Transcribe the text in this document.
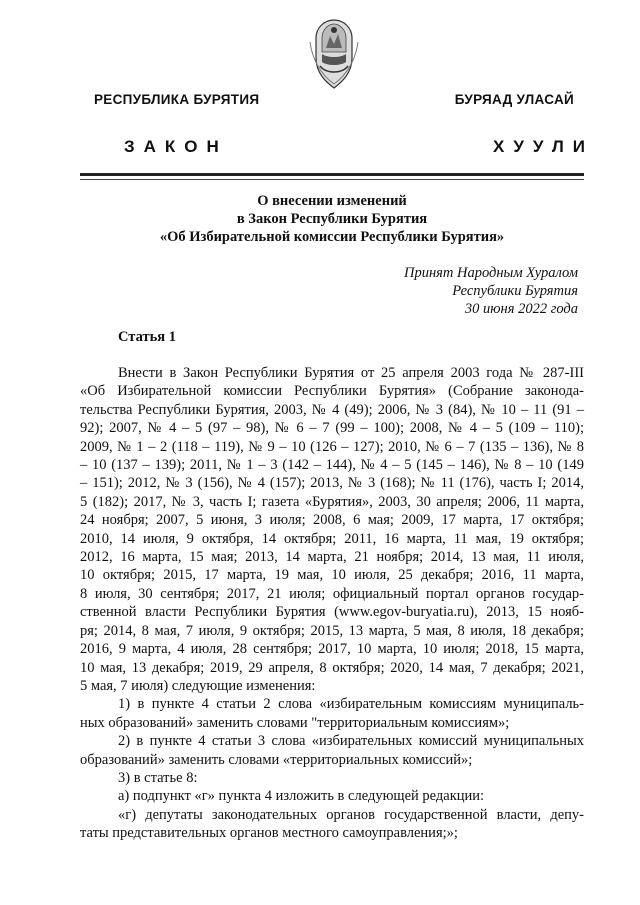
РЕСПУБЛИКА БУРЯТИЯ	БУРЯАД УЛАСАЙ
ЗАКОН	ХУУЛИ
О внесении изменений
в Закон Республики Бурятия
«Об Избирательной комиссии Республики Бурятия»
Принят Народным Хуралом
Республики Бурятия
30 июня 2022 года
Статья 1
Внести в Закон Республики Бурятия от 25 апреля 2003 года № 287-III
«Об Избирательной комиссии Республики Бурятия» (Собрание законода-
тельства Республики Бурятия, 2003, № 4 (49); 2006, № 3 (84), № 10 – 11 (91 –
92); 2007, № 4 – 5 (97 – 98), № 6 – 7 (99 – 100); 2008, № 4 – 5 (109 – 110);
2009, № 1 – 2 (118 – 119), № 9 – 10 (126 – 127); 2010, № 6 – 7 (135 – 136), № 8
– 10 (137 – 139); 2011, № 1 – 3 (142 – 144), № 4 – 5 (145 – 146), № 8 – 10 (149
– 151); 2012, № 3 (156), № 4 (157); 2013, № 3 (168); № 11 (176), часть I; 2014,
5 (182); 2017, № 3, часть I; газета «Бурятия», 2003, 30 апреля; 2006, 11 марта,
24 ноября; 2007, 5 июня, 3 июля; 2008, 6 мая; 2009, 17 марта, 17 октября;
2010, 14 июля, 9 октября, 14 октября; 2011, 16 марта, 11 мая, 19 октября;
2012, 16 марта, 15 мая; 2013, 14 марта, 21 ноября; 2014, 13 мая, 11 июля,
10 октября; 2015, 17 марта, 19 мая, 10 июля, 25 декабря; 2016, 11 марта,
8 июля, 30 сентября; 2017, 21 июля; официальный портал органов государ-
ственной власти Республики Бурятия (www.egov-buryatia.ru), 2013, 15 нояб-
ря; 2014, 8 мая, 7 июля, 9 октября; 2015, 13 марта, 5 мая, 8 июля, 18 декабря;
2016, 9 марта, 4 июля, 28 сентября; 2017, 10 марта, 10 июля; 2018, 15 марта,
10 мая, 13 декабря; 2019, 29 апреля, 8 октября; 2020, 14 мая, 7 декабря; 2021,
5 мая, 7 июля) следующие изменения:
1) в пункте 4 статьи 2 слова «избирательным комиссиям муниципаль-
ных образований» заменить словами "территориальным комиссиям»;
2) в пункте 4 статьи 3 слова «избирательных комиссий муниципальных
образований» заменить словами «территориальных комиссий»;
3) в статье 8:
а) подпункт «г» пункта 4 изложить в следующей редакции:
«г) депутаты законодательных органов государственной власти, депу-
таты представительных органов местного самоуправления;»;
